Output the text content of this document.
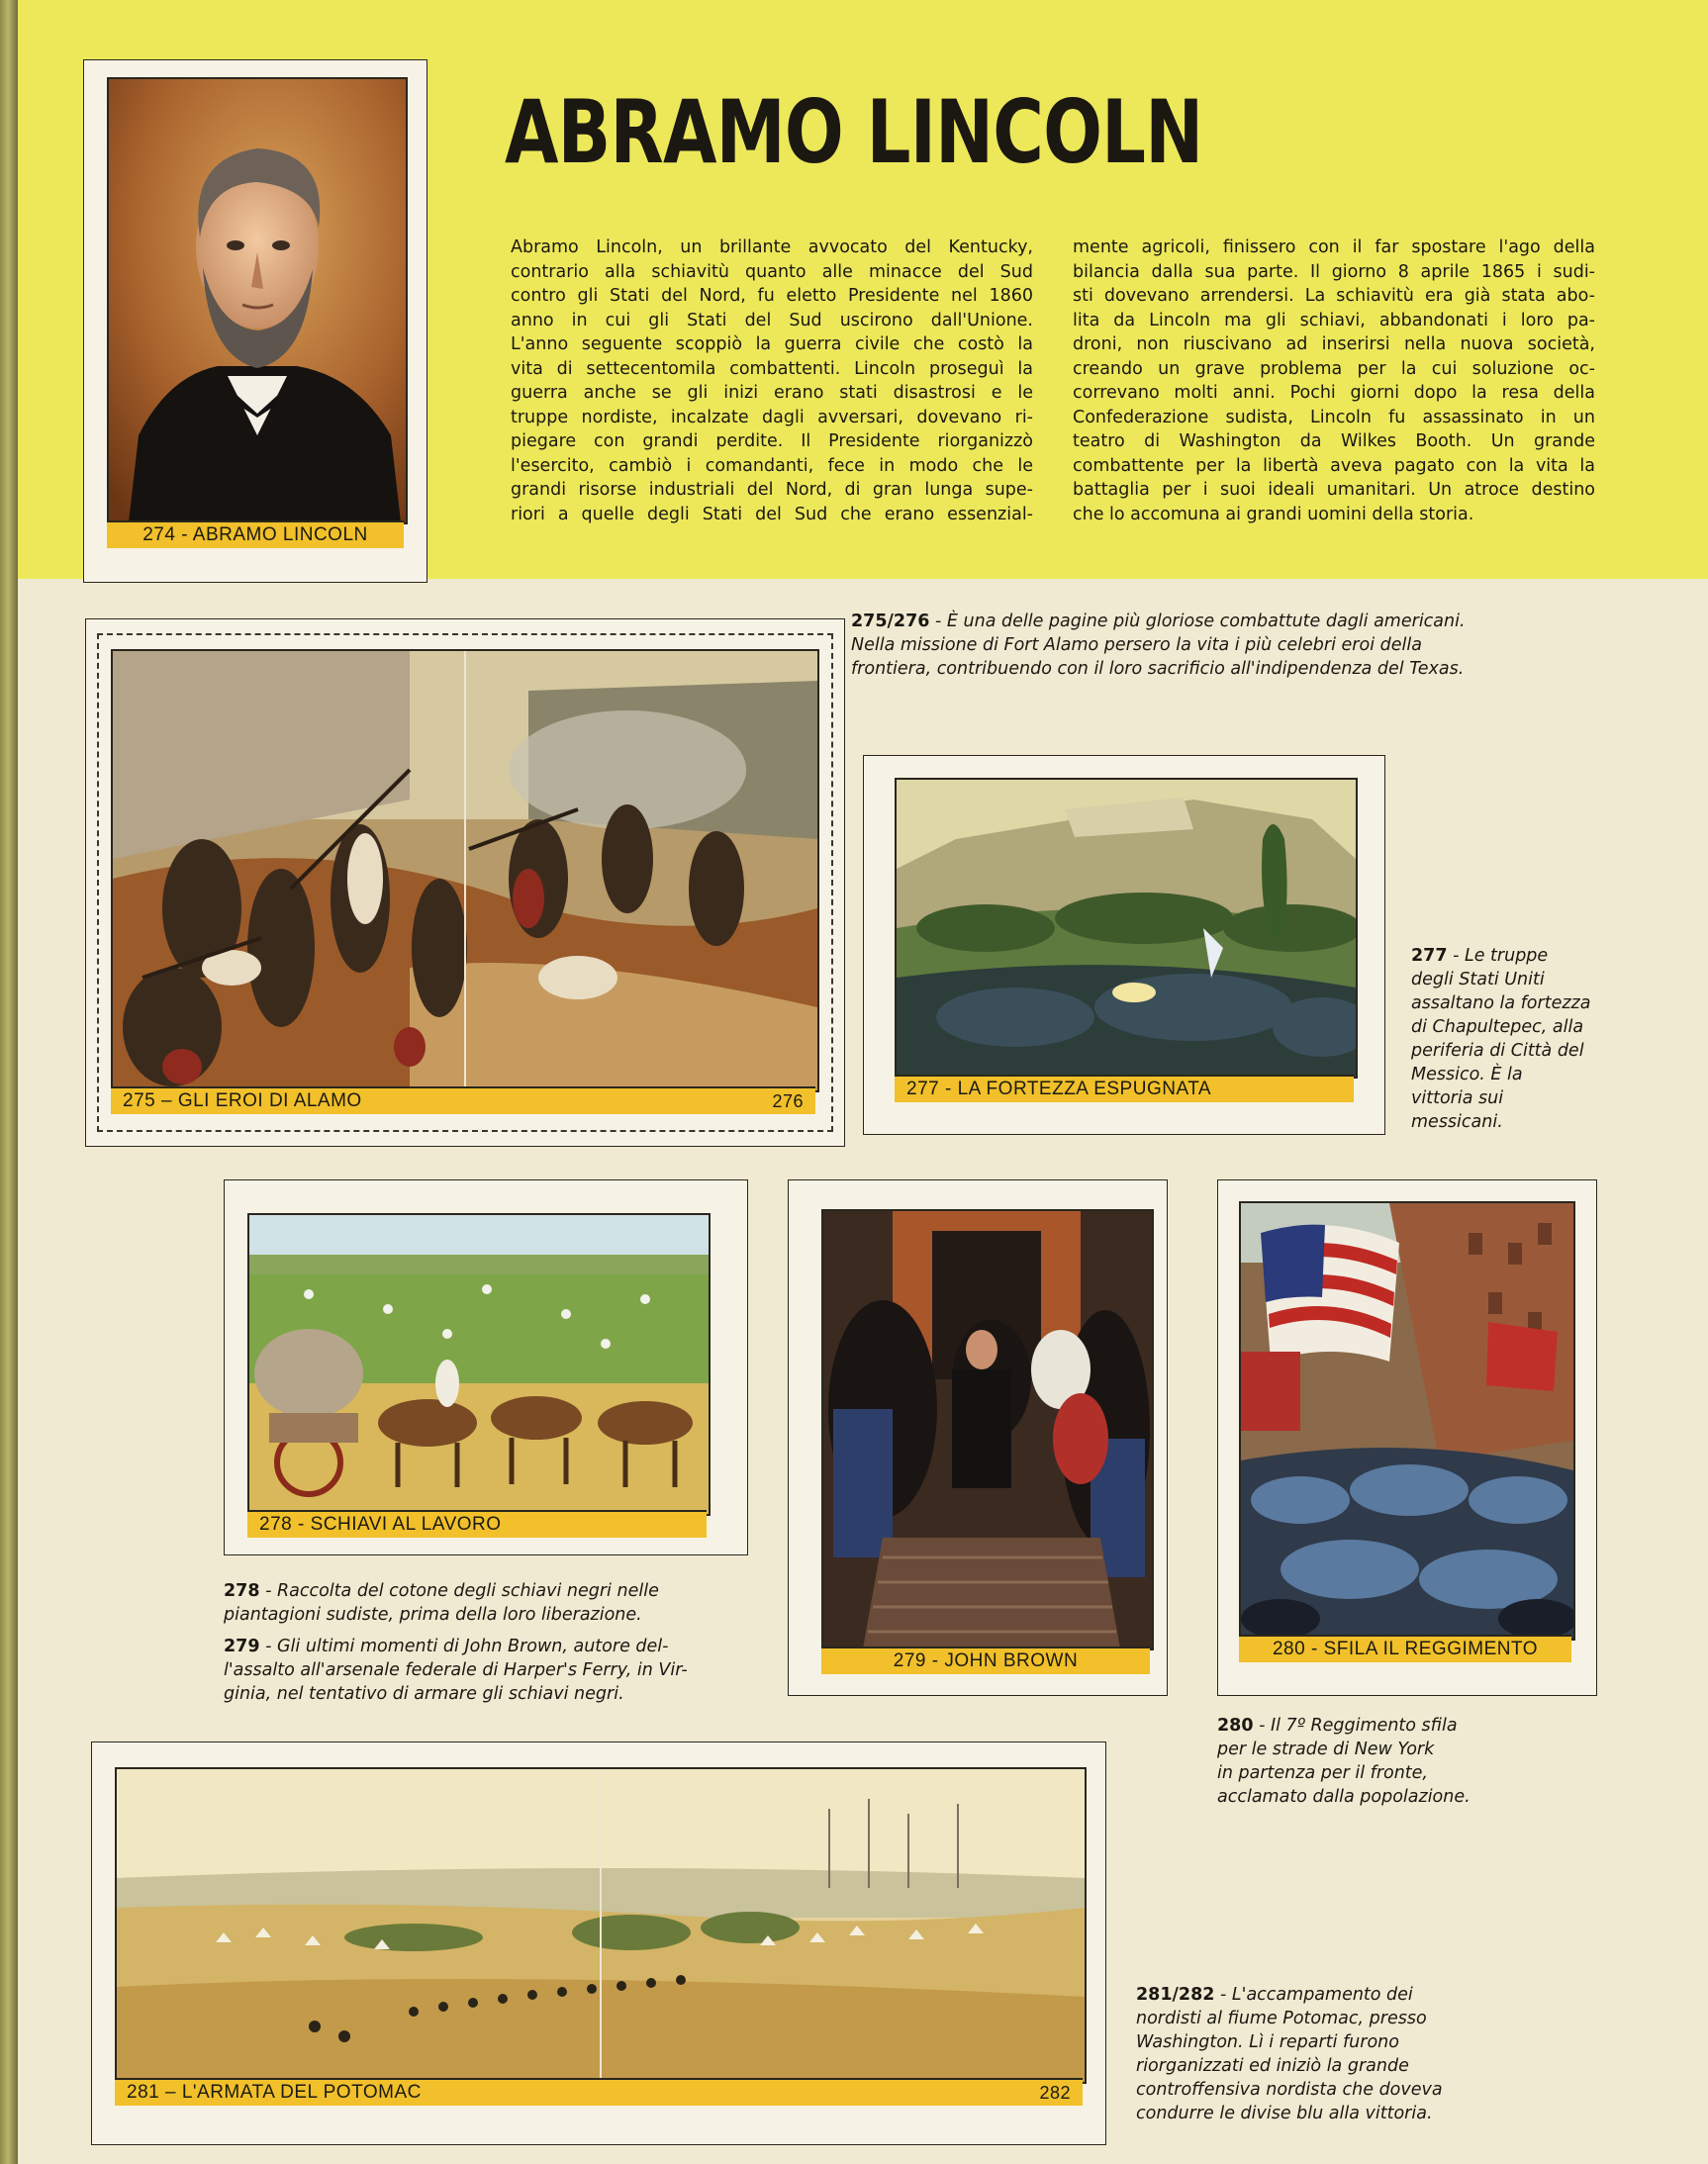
274 - ABRAMO LINCOLN
ABRAMO LINCOLN
Abramo Lincoln, un brillante avvocato del Kentucky,
contrario alla schiavitù quanto alle minacce del Sud
contro gli Stati del Nord, fu eletto Presidente nel 1860
anno in cui gli Stati del Sud uscirono dall'Unione.
L'anno seguente scoppiò la guerra civile che costò la
vita di settecentomila combattenti. Lincoln proseguì la
guerra anche se gli inizi erano stati disastrosi e le
truppe nordiste, incalzate dagli avversari, dovevano ri-
piegare con grandi perdite. Il Presidente riorganizzò
l'esercito, cambiò i comandanti, fece in modo che le
grandi risorse industriali del Nord, di gran lunga supe-
riori a quelle degli Stati del Sud che erano essenzial-
mente agricoli, finissero con il far spostare l'ago della
bilancia dalla sua parte. Il giorno 8 aprile 1865 i sudi-
sti dovevano arrendersi. La schiavitù era già stata abo-
lita da Lincoln ma gli schiavi, abbandonati i loro pa-
droni, non riuscivano ad inserirsi nella nuova società,
creando un grave problema per la cui soluzione oc-
correvano molti anni. Pochi giorni dopo la resa della
Confederazione sudista, Lincoln fu assassinato in un
teatro di Washington da Wilkes Booth. Un grande
combattente per la libertà aveva pagato con la vita la
battaglia per i suoi ideali umanitari. Un atroce destino
che lo accomuna ai grandi uomini della storia.
275 – GLI EROI DI ALAMO	276
275/276 - È una delle pagine più gloriose combattute dagli americani.
Nella missione di Fort Alamo persero la vita i più celebri eroi della
frontiera, contribuendo con il loro sacrificio all'indipendenza del Texas.
277 - LA FORTEZZA ESPUGNATA
277 - Le truppe
degli Stati Uniti
assaltano la fortezza
di Chapultepec, alla
periferia di Città del
Messico. È la
vittoria sui
messicani.
278 - SCHIAVI AL LAVORO
278 - Raccolta del cotone degli schiavi negri nelle
piantagioni sudiste, prima della loro liberazione.
279 - Gli ultimi momenti di John Brown, autore del-
l'assalto all'arsenale federale di Harper's Ferry, in Vir-
ginia, nel tentativo di armare gli schiavi negri.
279 - JOHN BROWN
280 - SFILA IL REGGIMENTO
280 - Il 7º Reggimento sfila
per le strade di New York
in partenza per il fronte,
acclamato dalla popolazione.
281 – L'ARMATA DEL POTOMAC	282
281/282 - L'accampamento dei
nordisti al fiume Potomac, presso
Washington. Lì i reparti furono
riorganizzati ed iniziò la grande
controffensiva nordista che doveva
condurre le divise blu alla vittoria.
